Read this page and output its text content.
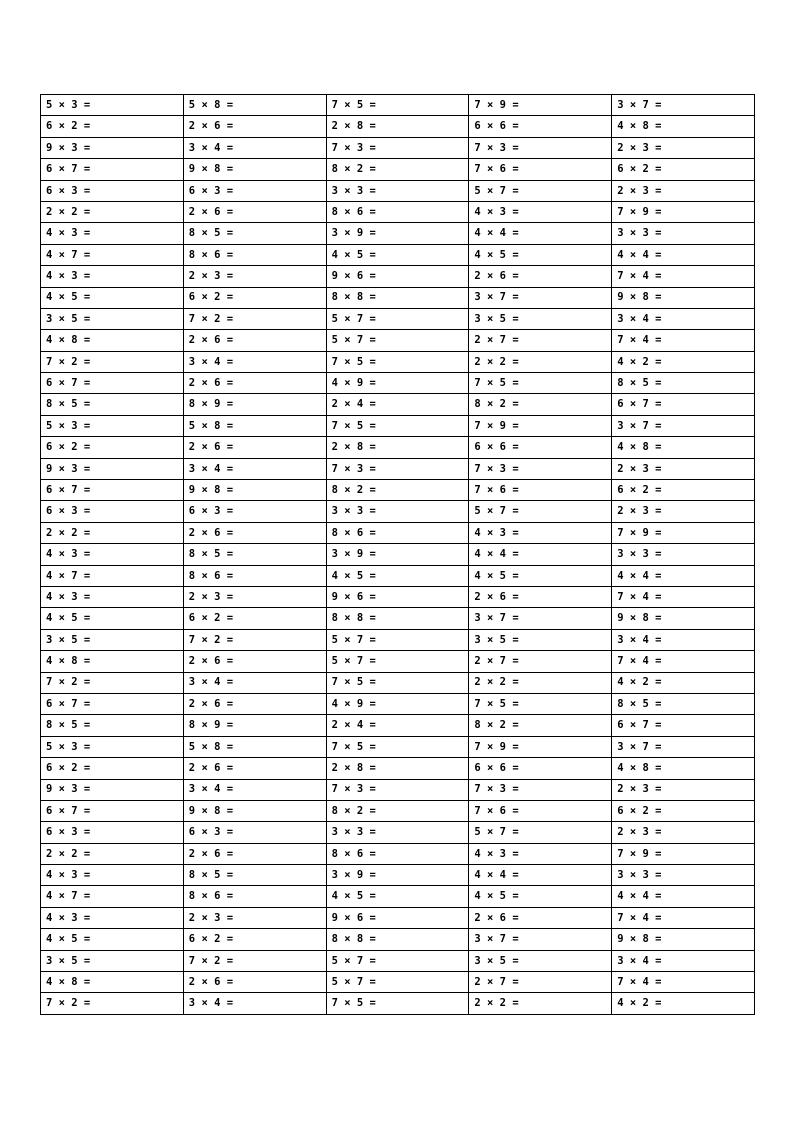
5 × 3 =	5 × 8 =	7 × 5 =	7 × 9 =	3 × 7 =
6 × 2 =	2 × 6 =	2 × 8 =	6 × 6 =	4 × 8 =
9 × 3 =	3 × 4 =	7 × 3 =	7 × 3 =	2 × 3 =
6 × 7 =	9 × 8 =	8 × 2 =	7 × 6 =	6 × 2 =
6 × 3 =	6 × 3 =	3 × 3 =	5 × 7 =	2 × 3 =
2 × 2 =	2 × 6 =	8 × 6 =	4 × 3 =	7 × 9 =
4 × 3 =	8 × 5 =	3 × 9 =	4 × 4 =	3 × 3 =
4 × 7 =	8 × 6 =	4 × 5 =	4 × 5 =	4 × 4 =
4 × 3 =	2 × 3 =	9 × 6 =	2 × 6 =	7 × 4 =
4 × 5 =	6 × 2 =	8 × 8 =	3 × 7 =	9 × 8 =
3 × 5 =	7 × 2 =	5 × 7 =	3 × 5 =	3 × 4 =
4 × 8 =	2 × 6 =	5 × 7 =	2 × 7 =	7 × 4 =
7 × 2 =	3 × 4 =	7 × 5 =	2 × 2 =	4 × 2 =
6 × 7 =	2 × 6 =	4 × 9 =	7 × 5 =	8 × 5 =
8 × 5 =	8 × 9 =	2 × 4 =	8 × 2 =	6 × 7 =
5 × 3 =	5 × 8 =	7 × 5 =	7 × 9 =	3 × 7 =
6 × 2 =	2 × 6 =	2 × 8 =	6 × 6 =	4 × 8 =
9 × 3 =	3 × 4 =	7 × 3 =	7 × 3 =	2 × 3 =
6 × 7 =	9 × 8 =	8 × 2 =	7 × 6 =	6 × 2 =
6 × 3 =	6 × 3 =	3 × 3 =	5 × 7 =	2 × 3 =
2 × 2 =	2 × 6 =	8 × 6 =	4 × 3 =	7 × 9 =
4 × 3 =	8 × 5 =	3 × 9 =	4 × 4 =	3 × 3 =
4 × 7 =	8 × 6 =	4 × 5 =	4 × 5 =	4 × 4 =
4 × 3 =	2 × 3 =	9 × 6 =	2 × 6 =	7 × 4 =
4 × 5 =	6 × 2 =	8 × 8 =	3 × 7 =	9 × 8 =
3 × 5 =	7 × 2 =	5 × 7 =	3 × 5 =	3 × 4 =
4 × 8 =	2 × 6 =	5 × 7 =	2 × 7 =	7 × 4 =
7 × 2 =	3 × 4 =	7 × 5 =	2 × 2 =	4 × 2 =
6 × 7 =	2 × 6 =	4 × 9 =	7 × 5 =	8 × 5 =
8 × 5 =	8 × 9 =	2 × 4 =	8 × 2 =	6 × 7 =
5 × 3 =	5 × 8 =	7 × 5 =	7 × 9 =	3 × 7 =
6 × 2 =	2 × 6 =	2 × 8 =	6 × 6 =	4 × 8 =
9 × 3 =	3 × 4 =	7 × 3 =	7 × 3 =	2 × 3 =
6 × 7 =	9 × 8 =	8 × 2 =	7 × 6 =	6 × 2 =
6 × 3 =	6 × 3 =	3 × 3 =	5 × 7 =	2 × 3 =
2 × 2 =	2 × 6 =	8 × 6 =	4 × 3 =	7 × 9 =
4 × 3 =	8 × 5 =	3 × 9 =	4 × 4 =	3 × 3 =
4 × 7 =	8 × 6 =	4 × 5 =	4 × 5 =	4 × 4 =
4 × 3 =	2 × 3 =	9 × 6 =	2 × 6 =	7 × 4 =
4 × 5 =	6 × 2 =	8 × 8 =	3 × 7 =	9 × 8 =
3 × 5 =	7 × 2 =	5 × 7 =	3 × 5 =	3 × 4 =
4 × 8 =	2 × 6 =	5 × 7 =	2 × 7 =	7 × 4 =
7 × 2 =	3 × 4 =	7 × 5 =	2 × 2 =	4 × 2 =
